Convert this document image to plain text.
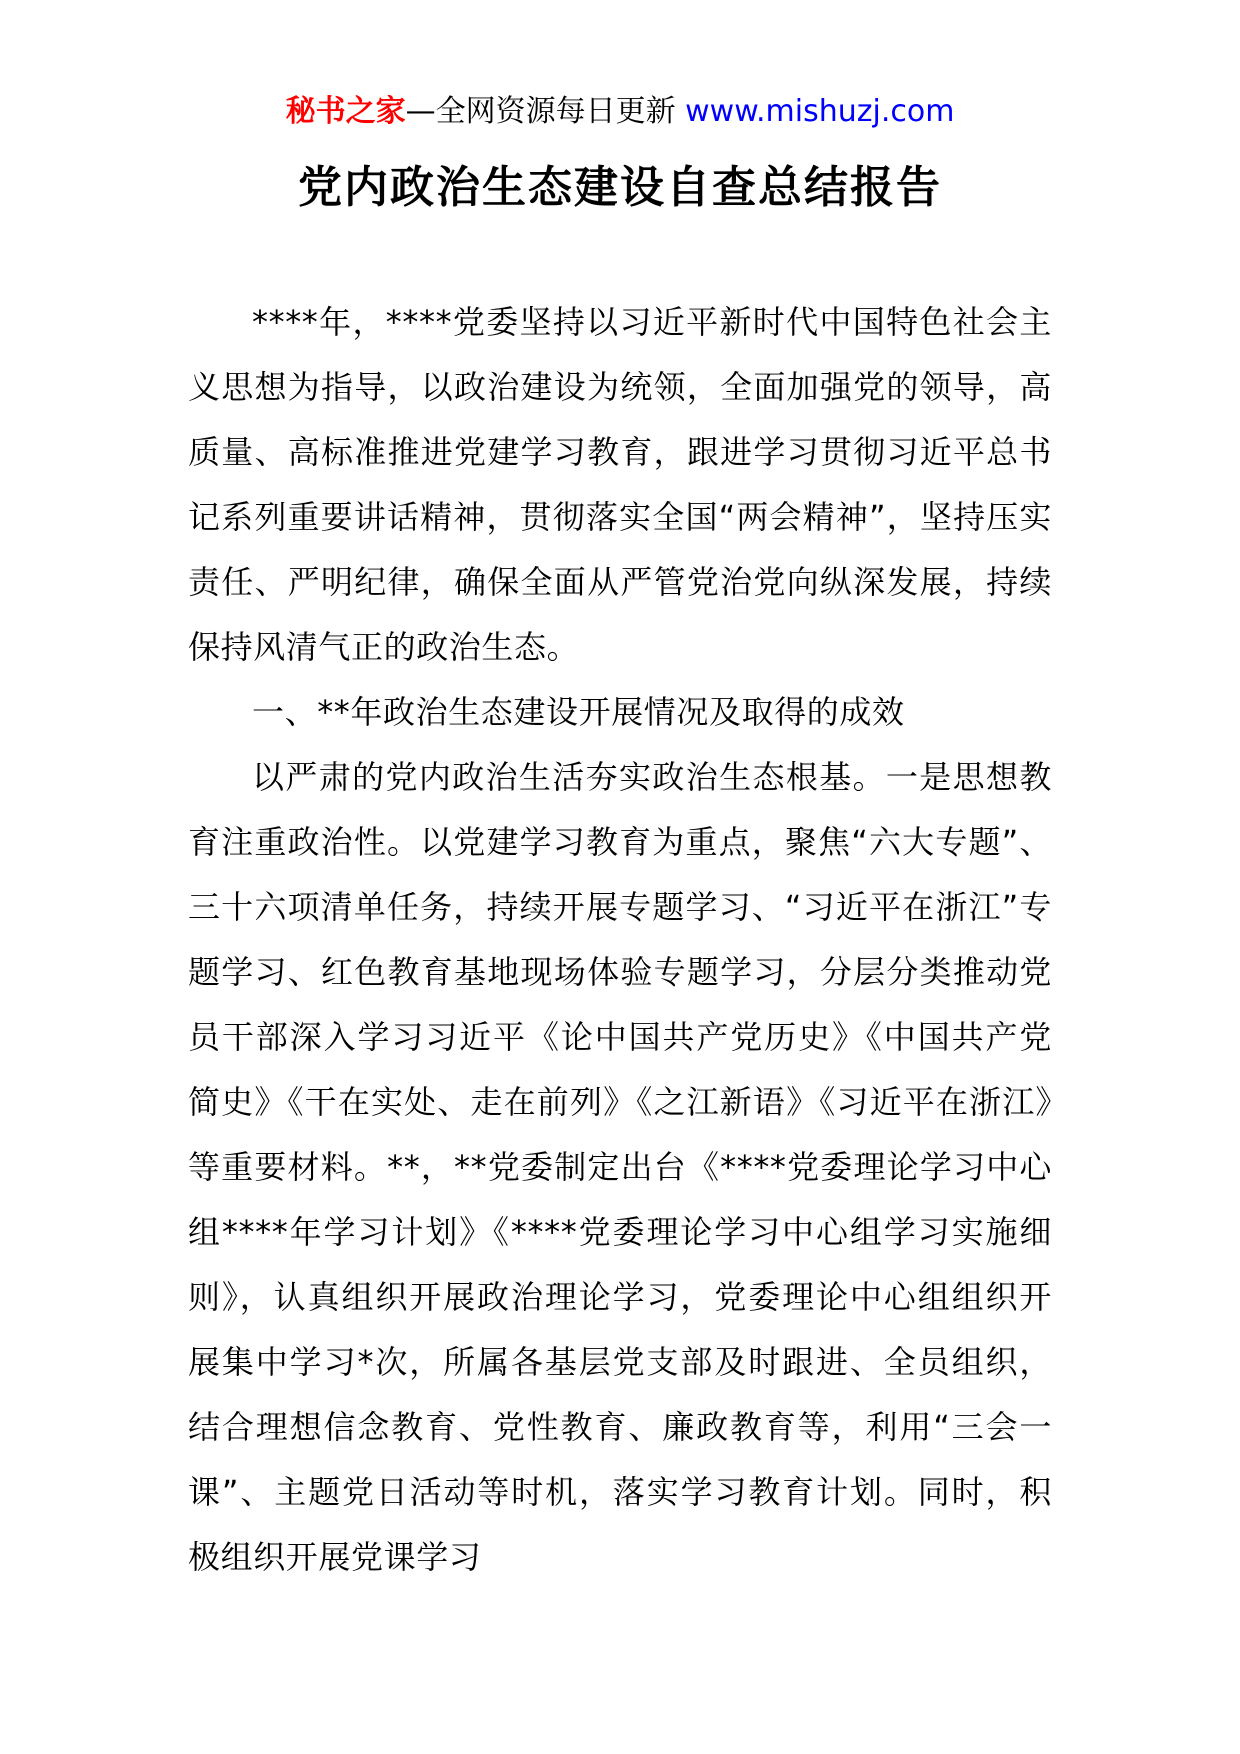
秘书之家—全网资源每日更新 www.mishuzj.com
党内政治生态建设自查总结报告

****年，****党委坚持以习近平新时代中国特色社会主义思想为指导，以政治建设为统领，全面加强党的领导，高质量、高标准推进党建学习教育，跟进学习贯彻习近平总书记系列重要讲话精神，贯彻落实全国“两会精神”，坚持压实责任、严明纪律，确保全面从严管党治党向纵深发展，持续保持风清气正的政治生态。

一、**年政治生态建设开展情况及取得的成效

以严肃的党内政治生活夯实政治生态根基。一是思想教育注重政治性。以党建学习教育为重点，聚焦“六大专题”、三十六项清单任务，持续开展专题学习、“习近平在浙江”专题学习、红色教育基地现场体验专题学习，分层分类推动党员干部深入学习习近平《论中国共产党历史》《中国共产党简史》《干在实处、走在前列》《之江新语》《习近平在浙江》等重要材料。**，**党委制定出台《****党委理论学习中心组****年学习计划》《****党委理论学习中心组学习实施细则》，认真组织开展政治理论学习，党委理论中心组组织开展集中学习*次，所属各基层党支部及时跟进、全员组织，结合理想信念教育、党性教育、廉政教育等，利用“三会一课”、主题党日活动等时机，落实学习教育计划。同时，积极组织开展党课学习
